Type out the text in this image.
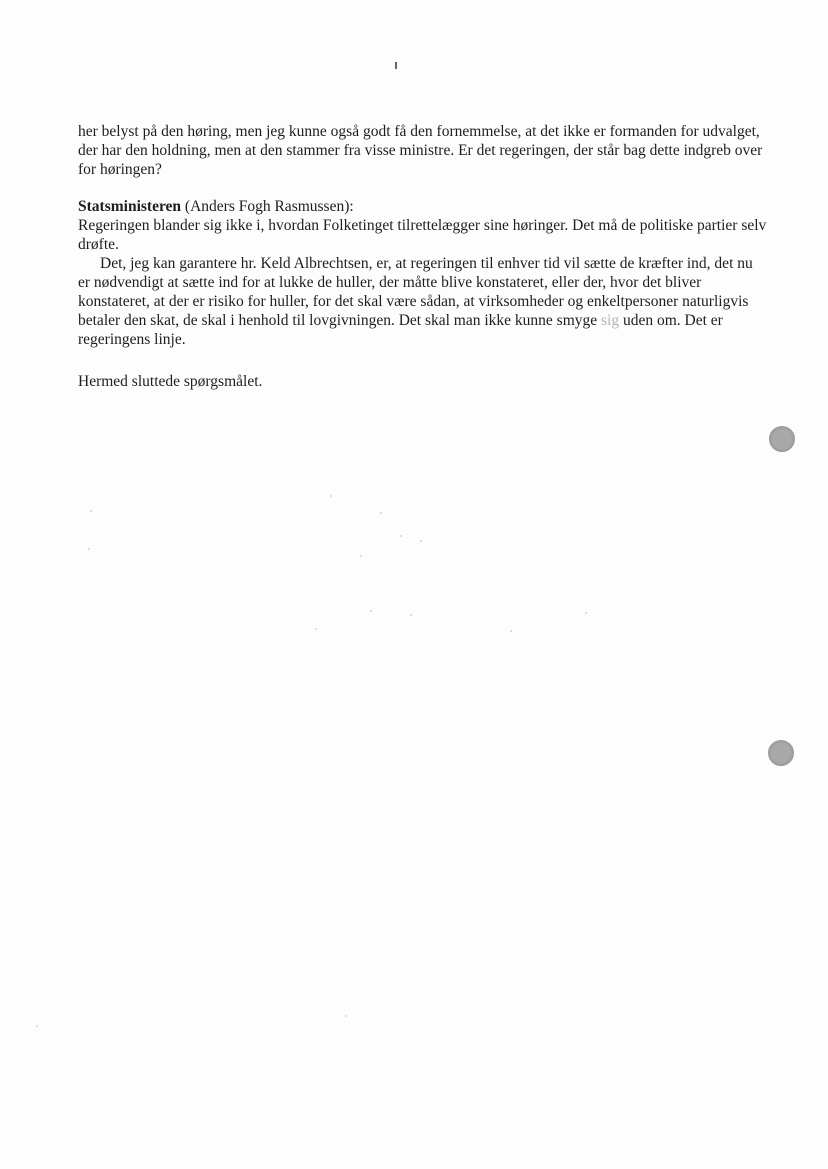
her belyst på den høring, men jeg kunne også godt få den fornemmelse, at det ikke er formanden for udvalget, der har den holdning, men at den stammer fra visse ministre. Er det regeringen, der står bag dette indgreb over for høringen?

Statsministeren (Anders Fogh Rasmussen):

Regeringen blander sig ikke i, hvordan Folketinget tilrettelægger sine høringer. Det må de politiske partier selv drøfte.

Det, jeg kan garantere hr. Keld Albrechtsen, er, at regeringen til enhver tid vil sætte de kræfter ind, det nu er nødvendigt at sætte ind for at lukke de huller, der måtte blive konstateret, eller der, hvor det bliver konstateret, at der er risiko for huller, for det skal være sådan, at virksomheder og enkeltpersoner naturligvis betaler den skat, de skal i henhold til lovgivningen. Det skal man ikke kunne smyge sig uden om. Det er regeringens linje.

Hermed sluttede spørgsmålet.
